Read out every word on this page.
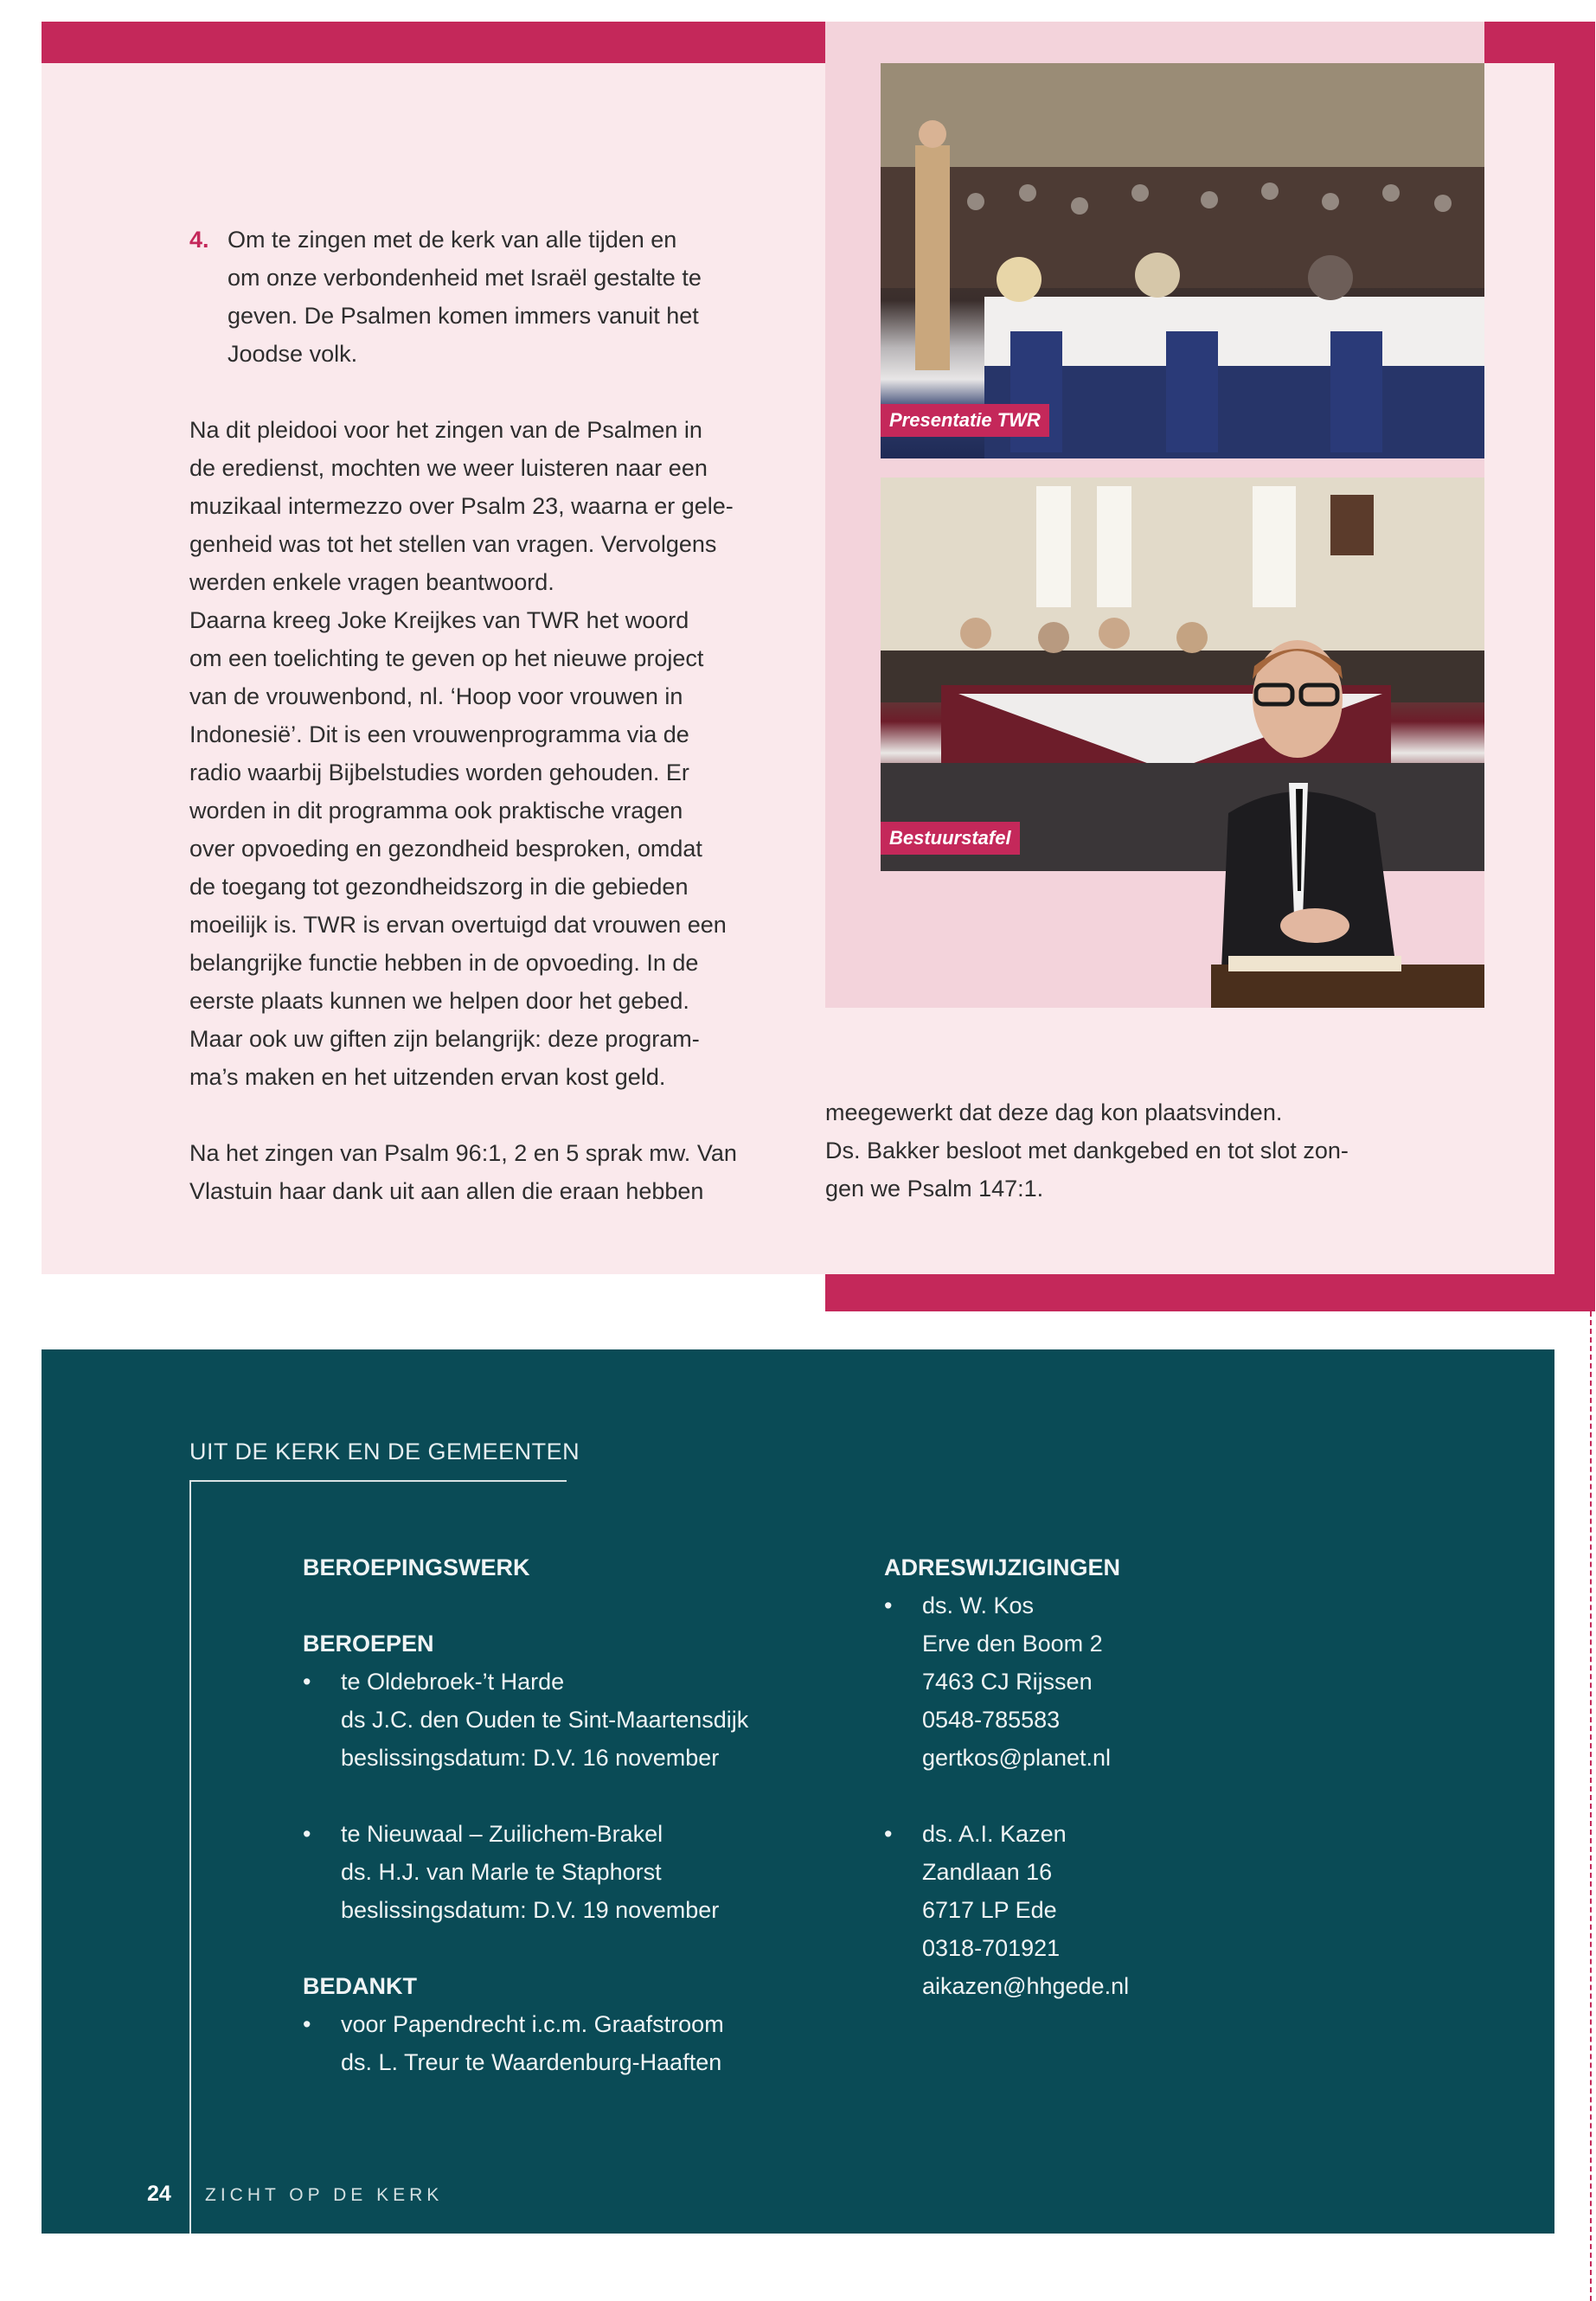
Presentatie TWR
Bestuurstafel
4. Om te zingen met de kerk van alle tijden en

om onze verbondenheid met Israël gestalte te

geven. De Psalmen komen immers vanuit het

Joodse volk.

Na dit pleidooi voor het zingen van de Psalmen in

de eredienst, mochten we weer luisteren naar een

muzikaal intermezzo over Psalm 23, waarna er gele-

genheid was tot het stellen van vragen. Vervolgens

werden enkele vragen beantwoord.

Daarna kreeg Joke Kreijkes van TWR het woord

om een toelichting te geven op het nieuwe project

van de vrouwenbond, nl. ‘Hoop voor vrouwen in

Indonesië’. Dit is een vrouwenprogramma via de

radio waarbij Bijbelstudies worden gehouden. Er

worden in dit programma ook praktische vragen

over opvoeding en gezondheid besproken, omdat

de toegang tot gezondheidszorg in die gebieden

moeilijk is. TWR is ervan overtuigd dat vrouwen een

belangrijke functie hebben in de opvoeding. In de

eerste plaats kunnen we helpen door het gebed.

Maar ook uw giften zijn belangrijk: deze program-

ma’s maken en het uitzenden ervan kost geld.

Na het zingen van Psalm 96:1, 2 en 5 sprak mw. Van

Vlastuin haar dank uit aan allen die eraan hebben

meegewerkt dat deze dag kon plaatsvinden.

Ds. Bakker besloot met dankgebed en tot slot zon-

gen we Psalm 147:1.

UIT DE KERK EN DE GEMEENTEN

BEROEPINGSWERK

BEROEPEN

• te Oldebroek-’t Harde

ds J.C. den Ouden te Sint-Maartensdijk

beslissingsdatum: D.V. 16 november

• te Nieuwaal – Zuilichem-Brakel

ds. H.J. van Marle te Staphorst

beslissingsdatum: D.V. 19 november

BEDANKT

• voor Papendrecht i.c.m. Graafstroom

ds. L. Treur te Waardenburg-Haaften

ADRESWIJZIGINGEN

• ds. W. Kos

Erve den Boom 2

7463 CJ Rijssen

0548-785583

gertkos@planet.nl

• ds. A.I. Kazen

Zandlaan 16

6717 LP Ede

0318-701921

aikazen@hhgede.nl

24 ZICHT OP DE KERK
